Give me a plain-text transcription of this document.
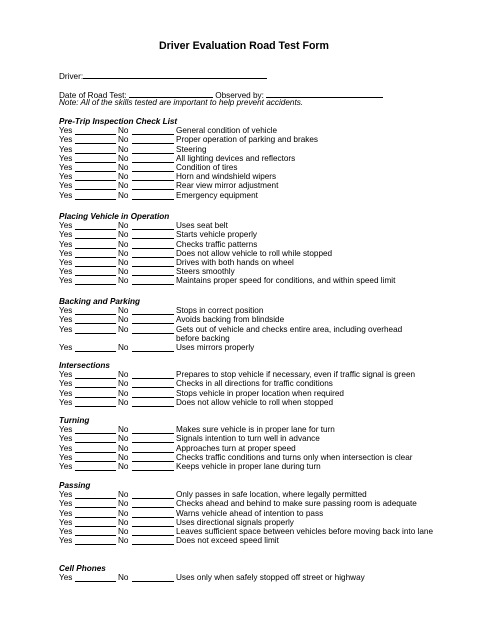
Driver Evaluation Road Test Form
Driver:
Date of Road Test:	Observed by:
Note: All of the skills tested are important to help prevent accidents.
Pre-Trip Inspection Check List
Yes	No	General condition of vehicle
Yes	No	Proper operation of parking and brakes
Yes	No	Steering
Yes	No	All lighting devices and reflectors
Yes	No	Condition of tires
Yes	No	Horn and windshield wipers
Yes	No	Rear view mirror adjustment
Yes	No	Emergency equipment
Placing Vehicle in Operation
Yes	No	Uses seat belt
Yes	No	Starts vehicle properly
Yes	No	Checks traffic patterns
Yes	No	Does not allow vehicle to roll while stopped
Yes	No	Drives with both hands on wheel
Yes	No	Steers smoothly
Yes	No	Maintains proper speed for conditions, and within speed limit
Backing and Parking
Yes	No	Stops in correct position
Yes	No	Avoids backing from blindside
Yes	No	Gets out of vehicle and checks entire area, including overhead
before backing
Yes	No	Uses mirrors properly
Intersections
Yes	No	Prepares to stop vehicle if necessary, even if traffic signal is green
Yes	No	Checks in all directions for traffic conditions
Yes	No	Stops vehicle in proper location when required
Yes	No	Does not allow vehicle to roll when stopped
Turning
Yes	No	Makes sure vehicle is in proper lane for turn
Yes	No	Signals intention to turn well in advance
Yes	No	Approaches turn at proper speed
Yes	No	Checks traffic conditions and turns only when intersection is clear
Yes	No	Keeps vehicle in proper lane during turn
Passing
Yes	No	Only passes in safe location, where legally permitted
Yes	No	Checks ahead and behind to make sure passing room is adequate
Yes	No	Warns vehicle ahead of intention to pass
Yes	No	Uses directional signals properly
Yes	No	Leaves sufficient space between vehicles before moving back into lane
Yes	No	Does not exceed speed limit
Cell Phones
Yes	No	Uses only when safely stopped off street or highway
